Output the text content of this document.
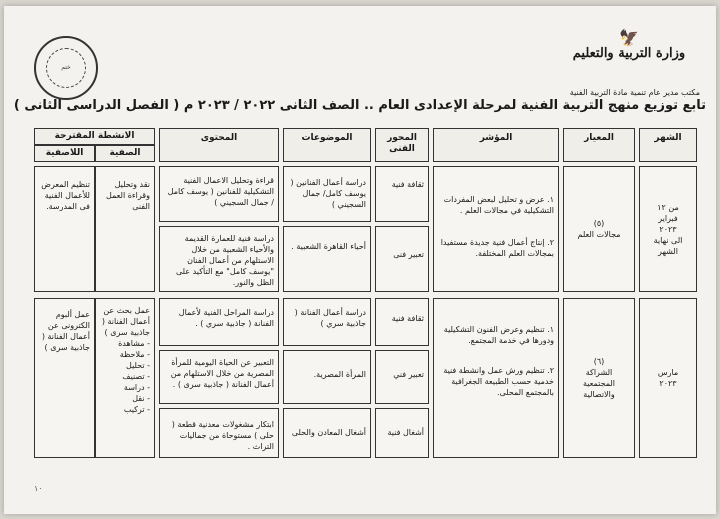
🦅
وزارة التربية والتعليم
ختم
مكتب مدير عام تنمية مادة التربية الفنية
تابع توزيع منهج التربية الفنية لمرحلة الإعدادى العام .. الصف الثانى ٢٠٢٢ / ٢٠٢٣ م ( الفصل الدراسى الثانى )
الشهر
المعيار
المؤشر
المحور الفنى
الموضوعات
المحتوى
الانشطة المقترحة
الصفية
اللاصفية
من ١٢
فبراير
٢٠٢٣
الى نهاية
الشهر
(٥)
مجالات العلم

١. عرض و تحليل لبعض المفردات التشكيلية في مجالات العلم .

٢. إنتاج أعمال فنية جديدة مستفيدا بمجالات العلم المختلفة.

ثقافة فنية
دراسة أعمال الفنانين ( يوسف كامل/ جمال السجيني )
قراءة وتحليل الاعمال الفنية التشكيلية للفنانين ( يوسف كامل / جمال السجيني )
تعبير فنى
أحياء القاهرة الشعبية .
دراسة فنية للعمارة القديمة والأحياء الشعبية من خلال الاستلهام من أعمال الفنان "يوسف كامل" مع التأكيد على الظل والنور.
نقد وتحليل وقراءة العمل الفنى
تنظيم المعرض للأعمال الفنية فى المدرسة.
مارس
٢٠٢٣
(٦)
الشراكة
المجتمعية
والاتصالية

١. تنظيم وعرض الفنون التشكيلية ودورها في خدمة المجتمع.

٢. تنظيم ورش عمل وانشطة فنية خدمية حسب الطبيعة الجغرافية بالمجتمع المحلى.

ثقافة فنية
دراسة أعمال الفنانة ( جاذبية سري )
دراسة المراحل الفنية لأعمال الفنانة ( جاذبية سري ) .
تعبير فني
المرأة المصرية.
التعبير عن الحياة اليومية للمرأة المصرية من خلال الاستلهام من أعمال الفنانة ( جاذبية سرى ) .
أشغال فنية
أشغال المعادن والحلى
ابتكار مشغولات معدنية قطعة ( حلى ) مستوحاة من جماليات التراث .
عمل بحث عن أعمال الفنانة ( جاذبية سرى )
- مشاهدة
- ملاحظة
- تحليل
- تصنيف
- دراسة
- نقل
- تركيب
عمل ألبوم الكترونى عن أعمال الفنانة ( جاذبية سرى )
١٠
